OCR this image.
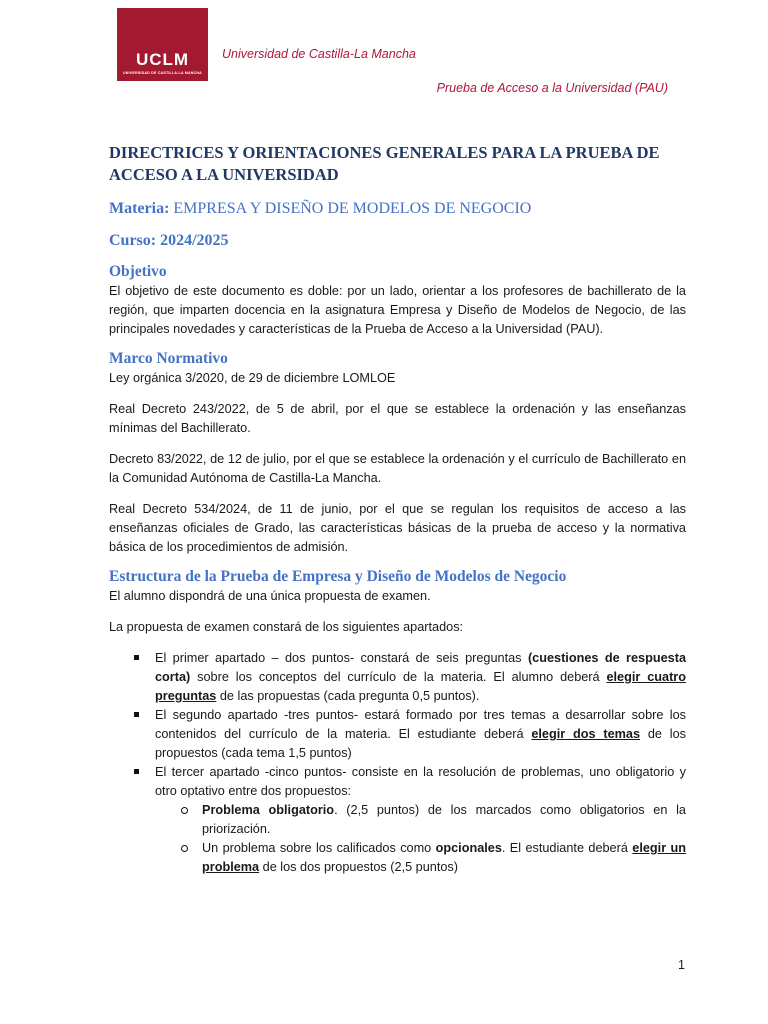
UCLM
UNIVERSIDAD DE CASTILLA-LA MANCHA
Universidad de Castilla-La Mancha
Prueba de Acceso a la Universidad (PAU)
DIRECTRICES Y ORIENTACIONES GENERALES PARA LA PRUEBA DE ACCESO A LA UNIVERSIDAD

Materia: EMPRESA Y DISEÑO DE MODELOS DE NEGOCIO

Curso: 2024/2025

Objetivo

El objetivo de este documento es doble: por un lado, orientar a los profesores de bachillerato de la región, que imparten docencia en la asignatura Empresa y Diseño de Modelos de Negocio, de las principales novedades y características de la Prueba de Acceso a la Universidad (PAU).

Marco Normativo

Ley orgánica 3/2020, de 29 de diciembre LOMLOE

Real Decreto 243/2022, de 5 de abril, por el que se establece la ordenación y las enseñanzas mínimas del Bachillerato.

Decreto 83/2022, de 12 de julio, por el que se establece la ordenación y el currículo de Bachillerato en la Comunidad Autónoma de Castilla-La Mancha.

Real Decreto 534/2024, de 11 de junio, por el que se regulan los requisitos de acceso a las enseñanzas oficiales de Grado, las características básicas de la prueba de acceso y la normativa básica de los procedimientos de admisión.

Estructura de la Prueba de Empresa y Diseño de Modelos de Negocio

El alumno dispondrá de una única propuesta de examen.

La propuesta de examen constará de los siguientes apartados:

El primer apartado – dos puntos- constará de seis preguntas (cuestiones de respuesta corta) sobre los conceptos del currículo de la materia. El alumno deberá elegir cuatro preguntas de las propuestas (cada pregunta 0,5 puntos).
El segundo apartado -tres puntos- estará formado por tres temas a desarrollar sobre los contenidos del currículo de la materia. El estudiante deberá elegir dos temas de los propuestos (cada tema 1,5 puntos)
El tercer apartado -cinco puntos- consiste en la resolución de problemas, uno obligatorio y otro optativo entre dos propuestos:
Problema obligatorio. (2,5 puntos) de los marcados como obligatorios en la priorización.
Un problema sobre los calificados como opcionales. El estudiante deberá elegir un problema de los dos propuestos (2,5 puntos)
1
